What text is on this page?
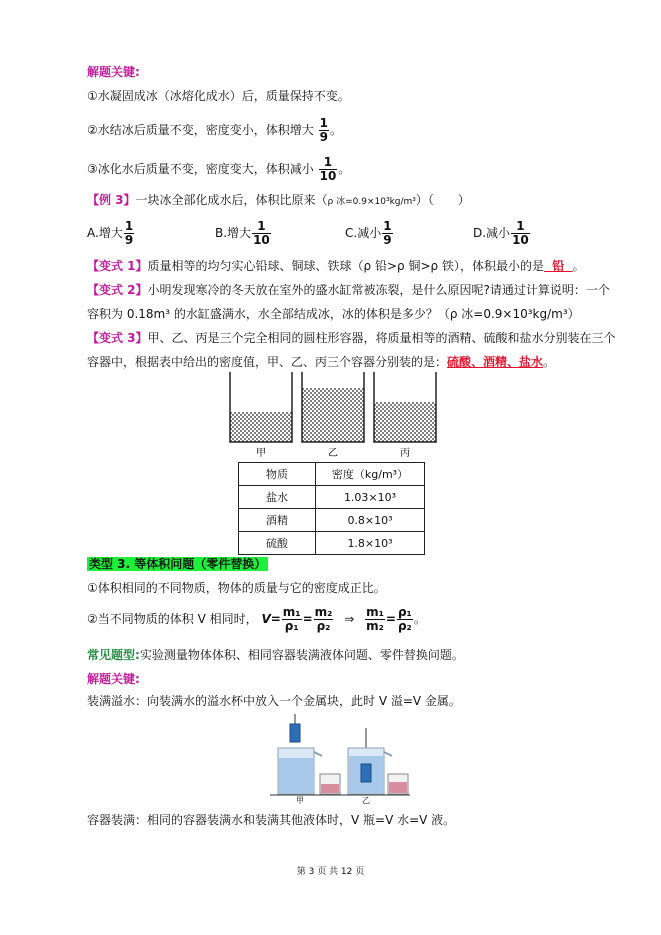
解题关键:
①水凝固成冰（冰熔化成水）后，质量保持不变。
②水结冰后质量不变，密度变小，体积增大 $\frac{1}{9}$ 。
③冰化水后质量不变，密度变大，体积减小 $\frac{1}{10}$ 。
【例 3】一块冰全部化成水后，体积比原来（ρ 冰=0.9×10³kg/m³）（　　）
A.增大 $\frac{1}{9}$	B.增大 $\frac{1}{10}$	C.减小 $\frac{1}{9}$	D.减小 $\frac{1}{10}$
【变式 1】质量相等的均匀实心铅球、铜球、铁球（ρ 铅>ρ 铜>ρ 铁），体积最小的是  铅  。
【变式 2】小明发现寒冷的冬天放在室外的盛水缸常被冻裂，是什么原因呢?请通过计算说明：一个
容积为 0.18m³ 的水缸盛满水，水全部结成冰，冰的体积是多少？（ρ 冰=0.9×10³kg/m³）
【变式 3】甲、乙、丙是三个完全相同的圆柱形容器，将质量相等的酒精、硫酸和盐水分别装在三个
容器中，根据表中给出的密度值，甲、乙、丙三个容器分别装的是：硫酸、酒精、盐水。
甲	乙	丙
物质	密度（kg/m³）
盐水	1.03×10³
酒精	0.8×10³
硫酸	1.8×10³
类型 3. 等体积问题（零件替换）
①体积相同的不同物质，物体的质量与它的密度成正比。
②当不同物质的体积 V 相同时， $V= \frac{\text{m₁}}{\text{ρ₁}} = \frac{\text{m₂}}{\text{ρ₂}}$ ⇒ $\frac{\text{m₁}}{\text{m₂}} = \frac{\text{ρ₁}}{\text{ρ₂}}$ 。
常见题型:实验测量物体体积、相同容器装满液体问题、零件替换问题。
解题关键:
装满溢水：向装满水的溢水杯中放入一个金属块，此时 V 溢=V 金属。
甲	乙
容器装满：相同的容器装满水和装满其他液体时，V 瓶=V 水=V 液。
第 3 页 共 12 页
